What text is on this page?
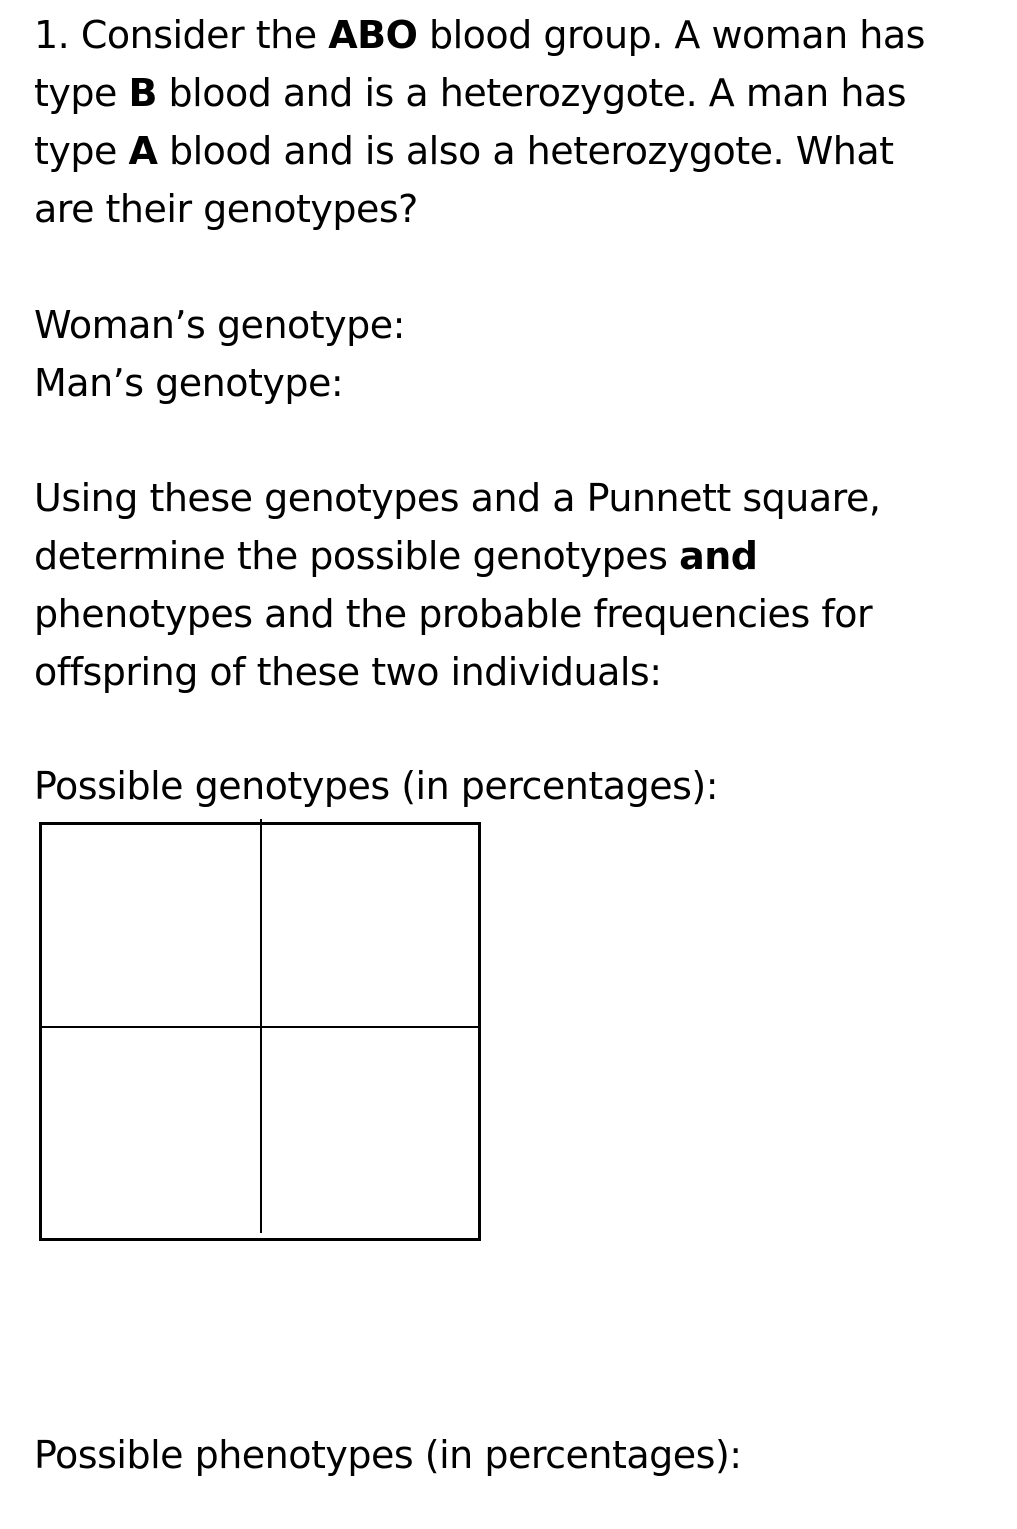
1. Consider the ABO blood group. A woman has
type B blood and is a heterozygote. A man has
type A blood and is also a heterozygote. What
are their genotypes?
Woman’s genotype:
Man’s genotype:
Using these genotypes and a Punnett square,
determine the possible genotypes and
phenotypes and the probable frequencies for
offspring of these two individuals:
Possible genotypes (in percentages):
Possible phenotypes (in percentages):
